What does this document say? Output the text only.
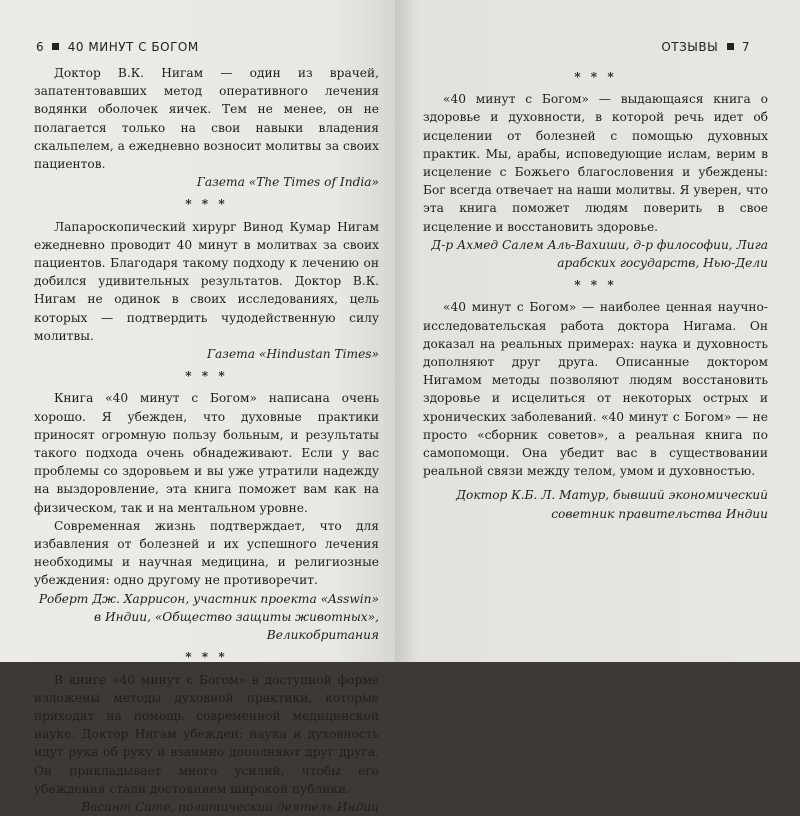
6 40 МИНУТ С БОГОМ

Доктор В.К. Нигам — один из врачей, запатентовавших метод оперативного лечения водянки оболочек яичек. Тем не менее, он не полагается только на свои навыки владения скальпелем, а ежедневно возносит молитвы за своих пациентов.

Газета «The Times of India»

* * *

Лапароскопический хирург Винод Кумар Нигам ежедневно проводит 40 минут в молитвах за своих пациентов. Благодаря такому подходу к лечению он добился удивительных результатов. Доктор В.К. Нигам не одинок в своих исследованиях, цель которых — подтвердить чудодейственную силу молитвы.

Газета «Hindustan Times»

* * *

Книга «40 минут с Богом» написана очень хорошо. Я убежден, что духовные практики приносят огромную пользу больным, и результаты такого подхода очень обнадеживают. Если у вас проблемы со здоровьем и вы уже утратили надежду на выздоровление, эта книга поможет вам как на физическом, так и на ментальном уровне.

Современная жизнь подтверждает, что для избавления от болезней и их успешного лечения необходимы и научная медицина, и религиозные убеждения: одно другому не противоречит.

Роберт Дж. Харрисон, участник проекта «Asswin» в Индии, «Общество защиты животных», Великобритания

* * *

В книге «40 минут с Богом» в доступной форме изложены методы духовной практики, которые приходят на помощь современной медицинской науке. Доктор Нигам убежден: наука и духовность идут рука об руку и взаимно дополняют друг друга. Он прикладывает много усилий, чтобы его убеждения стали достоянием широкой публики.

Васант Сате, политический деятель Индии

ОТЗЫВЫ 7
* * *

«40 минут с Богом» — выдающаяся книга о здоровье и духовности, в которой речь идет об исцелении от болезней с помощью духовных практик. Мы, арабы, исповедующие ислам, верим в исцеление с Божьего благословения и убеждены: Бог всегда отвечает на наши молитвы. Я уверен, что эта книга поможет людям поверить в свое исцеление и восстановить здоровье.

Д-р Ахмед Салем Аль-Вахиши, д-р философии, Лига арабских государств, Нью-Дели

* * *

«40 минут с Богом» — наиболее ценная научно-исследовательская работа доктора Нигама. Он доказал на реальных примерах: наука и духовность дополняют друг друга. Описанные доктором Нигамом методы позволяют людям восстановить здоровье и исцелиться от некоторых острых и хронических заболеваний. «40 минут с Богом» — не просто «сборник советов», а реальная книга по самопомощи. Она убедит вас в существовании реальной связи между телом, умом и духовностью.

Доктор К.Б. Л. Матур, бывший экономический советник правительства Индии
